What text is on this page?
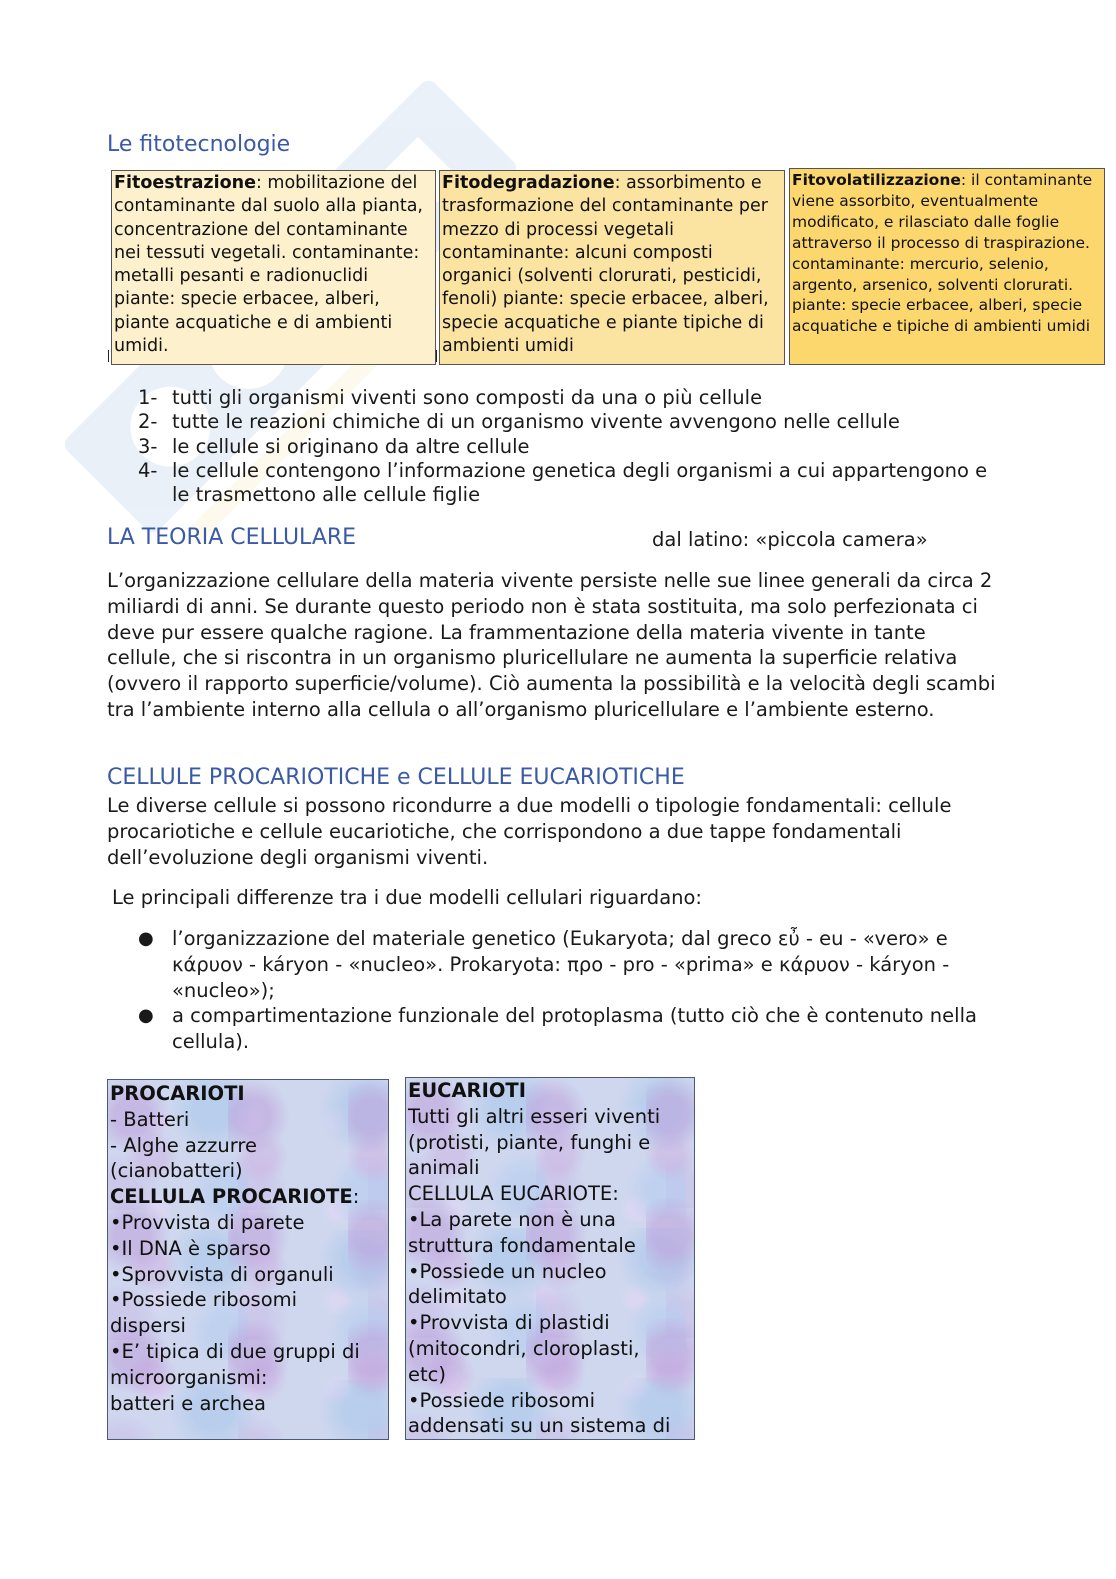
Le fitotecnologie
Fitoestrazione: mobilitazione del contaminante dal suolo alla pianta, concentrazione del contaminante nei tessuti vegetali. contaminante: metalli pesanti e radionuclidi piante: specie erbacee, alberi, piante acquatiche e di ambienti umidi.
Fitodegradazione: assorbimento e trasformazione del contaminante per mezzo di processi vegetali contaminante: alcuni composti organici (solventi clorurati, pesticidi, fenoli) piante: specie erbacee, alberi, specie acquatiche e piante tipiche di ambienti umidi
Fitovolatilizzazione: il contaminante viene assorbito, eventualmente modificato, e rilasciato dalle foglie attraverso il processo di traspirazione. contaminante: mercurio, selenio, argento, arsenico, solventi clorurati. piante: specie erbacee, alberi, specie acquatiche e tipiche di ambienti umidi
1- tutti gli organismi viventi sono composti da una o più cellule
2- tutte le reazioni chimiche di un organismo vivente avvengono nelle cellule
3- le cellule si originano da altre cellule
4- le cellule contengono l’informazione genetica degli organismi a cui appartengono e le trasmettono alle cellule figlie
LA TEORIA CELLULARE	dal latino: «piccola camera»

L’organizzazione cellulare della materia vivente persiste nelle sue linee generali da circa 2 miliardi di anni. Se durante questo periodo non è stata sostituita, ma solo perfezionata ci deve pur essere qualche ragione. La frammentazione della materia vivente in tante cellule, che si riscontra in un organismo pluricellulare ne aumenta la superficie relativa (ovvero il rapporto superficie/volume). Ciò aumenta la possibilità e la velocità degli scambi tra l’ambiente interno alla cellula o all’organismo pluricellulare e l’ambiente esterno.

CELLULE PROCARIOTICHE e CELLULE EUCARIOTICHE

Le diverse cellule si possono ricondurre a due modelli o tipologie fondamentali: cellule procariotiche e cellule eucariotiche, che corrispondono a due tappe fondamentali dell’evoluzione degli organismi viventi.

Le principali differenze tra i due modelli cellulari riguardano:

● l’organizzazione del materiale genetico (Eukaryota; dal greco εὖ - eu - «vero» e κάρυον - káryon - «nucleo». Prokaryota: προ - pro - «prima» e κάρυον - káryon - «nucleo»);
● a compartimentazione funzionale del protoplasma (tutto ciò che è contenuto nella cellula).
PROCARIOTI
- Batteri
- Alghe azzurre
(cianobatteri)
CELLULA PROCARIOTE:
•Provvista di parete
•Il DNA è sparso
•Sprovvista di organuli
•Possiede ribosomi
dispersi
•E’ tipica di due gruppi di
microorganismi:
batteri e archea
EUCARIOTI
Tutti gli altri esseri viventi
(protisti, piante, funghi e
animali
CELLULA EUCARIOTE:
•La parete non è una
struttura fondamentale
•Possiede un nucleo
delimitato
•Provvista di plastidi
(mitocondri, cloroplasti,
etc)
•Possiede ribosomi
addensati su un sistema di
